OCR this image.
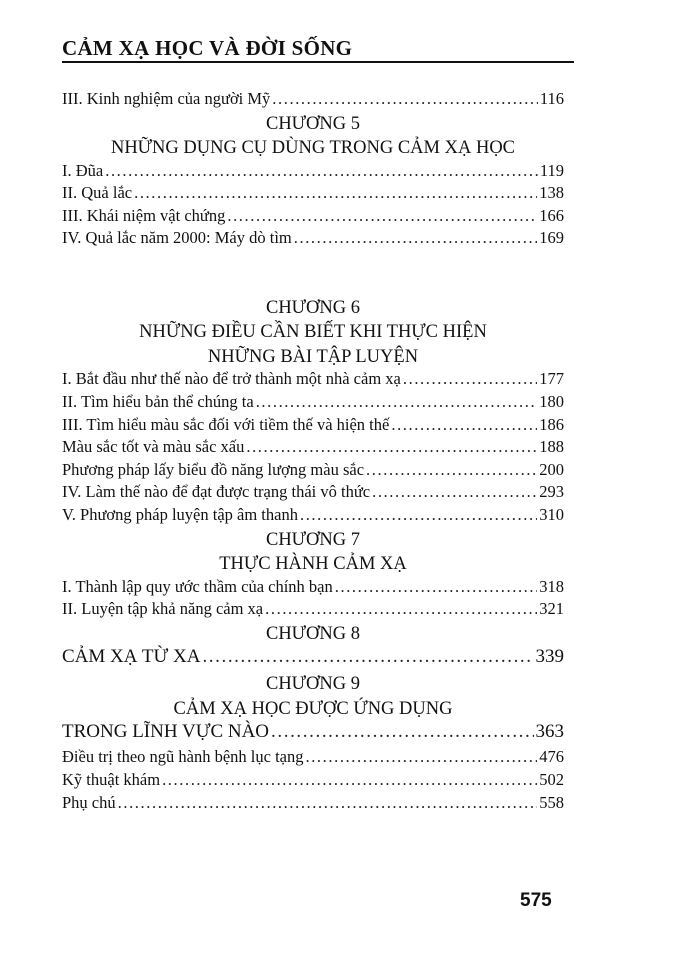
CẢM XẠ HỌC VÀ ĐỜI SỐNG
III. Kinh nghiệm của người Mỹ .....	116
CHƯƠNG 5
NHỮNG DỤNG CỤ DÙNG TRONG CẢM XẠ HỌC
I. Đũa .....	119
II. Quả lắc .....	138
III. Khái niệm vật chứng .....	166
IV. Quả lắc năm 2000: Máy dò tìm .....	169
CHƯƠNG 6
NHỮNG ĐIỀU CẦN BIẾT KHI THỰC HIỆN
NHỮNG BÀI TẬP LUYỆN
I. Bắt đầu như thế nào để trở thành một nhà cảm xạ .....	177
II. Tìm hiểu bản thể chúng ta .....	180
III. Tìm hiểu màu sắc đối với tiềm thế và hiện thế .....	186
Màu sắc tốt và màu sắc xấu .....	188
Phương pháp lấy biểu đồ năng lượng màu sắc .....	200
IV. Làm thế nào để đạt được trạng thái vô thức .....	293
V. Phương pháp luyện tập âm thanh .....	310
CHƯƠNG 7
THỰC HÀNH CẢM XẠ
I. Thành lập quy ước thầm của chính bạn .....	318
II. Luyện tập khả năng cảm xạ .....	321
CHƯƠNG 8
CẢM XẠ TỪ XA .....	339
CHƯƠNG 9
CẢM XẠ HỌC ĐƯỢC ỨNG DỤNG
TRONG LĨNH VỰC NÀO .....	363
Điều trị theo ngũ hành bệnh lục tạng .....	476
Kỹ thuật khám .....	502
Phụ chú .....	558
575
